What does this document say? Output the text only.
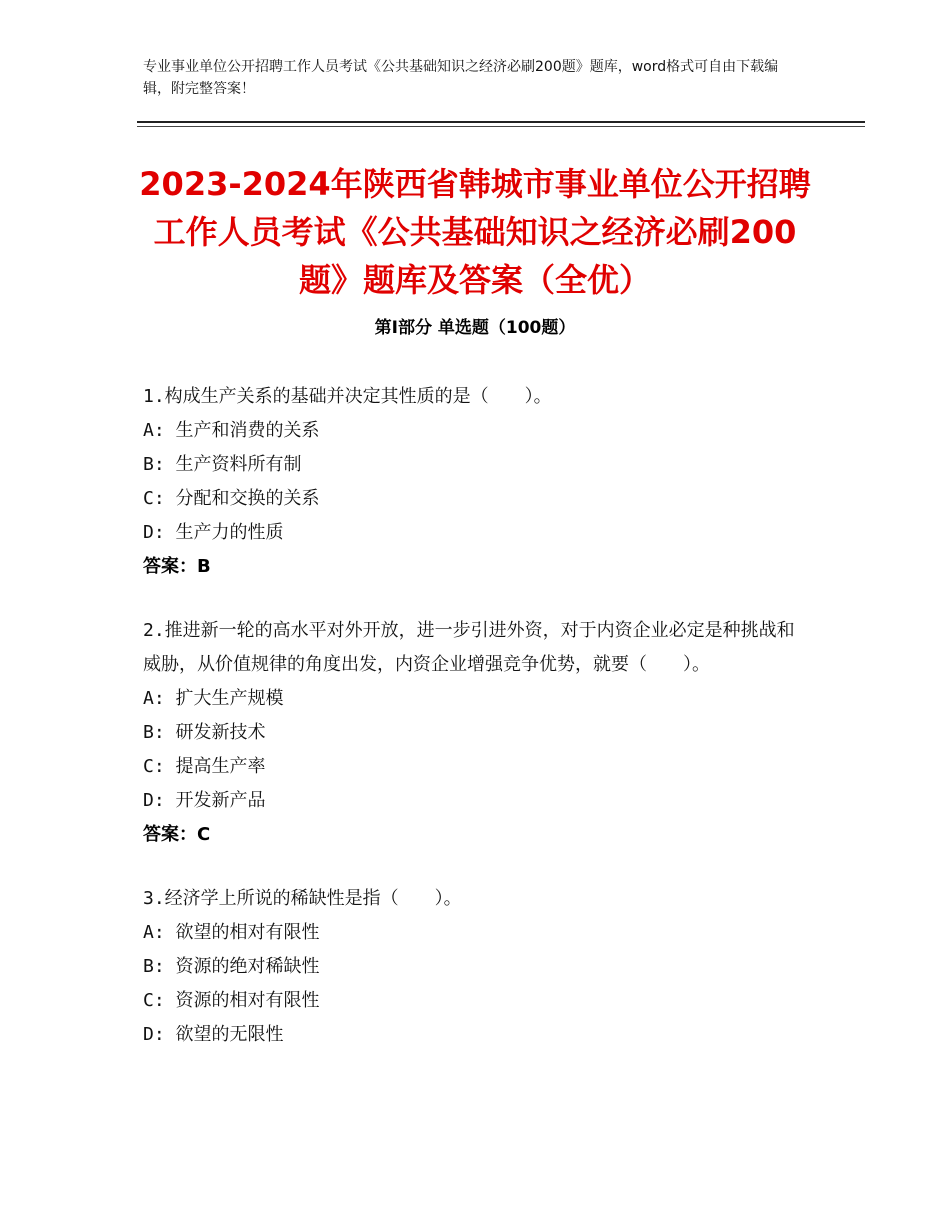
专业事业单位公开招聘工作人员考试《公共基础知识之经济必刷200题》题库，word格式可自由下载编辑，附完整答案！
2023-2024年陕西省韩城市事业单位公开招聘工作人员考试《公共基础知识之经济必刷200题》题库及答案（全优）
第Ⅰ部分 单选题（100题）
1.构成生产关系的基础并决定其性质的是（　　）。
A: 生产和消费的关系
B: 生产资料所有制
C: 分配和交换的关系
D: 生产力的性质
答案：B
2.推进新一轮的高水平对外开放，进一步引进外资，对于内资企业必定是种挑战和威胁，从价值规律的角度出发，内资企业增强竞争优势，就要（　　）。
A: 扩大生产规模
B: 研发新技术
C: 提高生产率
D: 开发新产品
答案：C
3.经济学上所说的稀缺性是指（　　）。
A: 欲望的相对有限性
B: 资源的绝对稀缺性
C: 资源的相对有限性
D: 欲望的无限性
